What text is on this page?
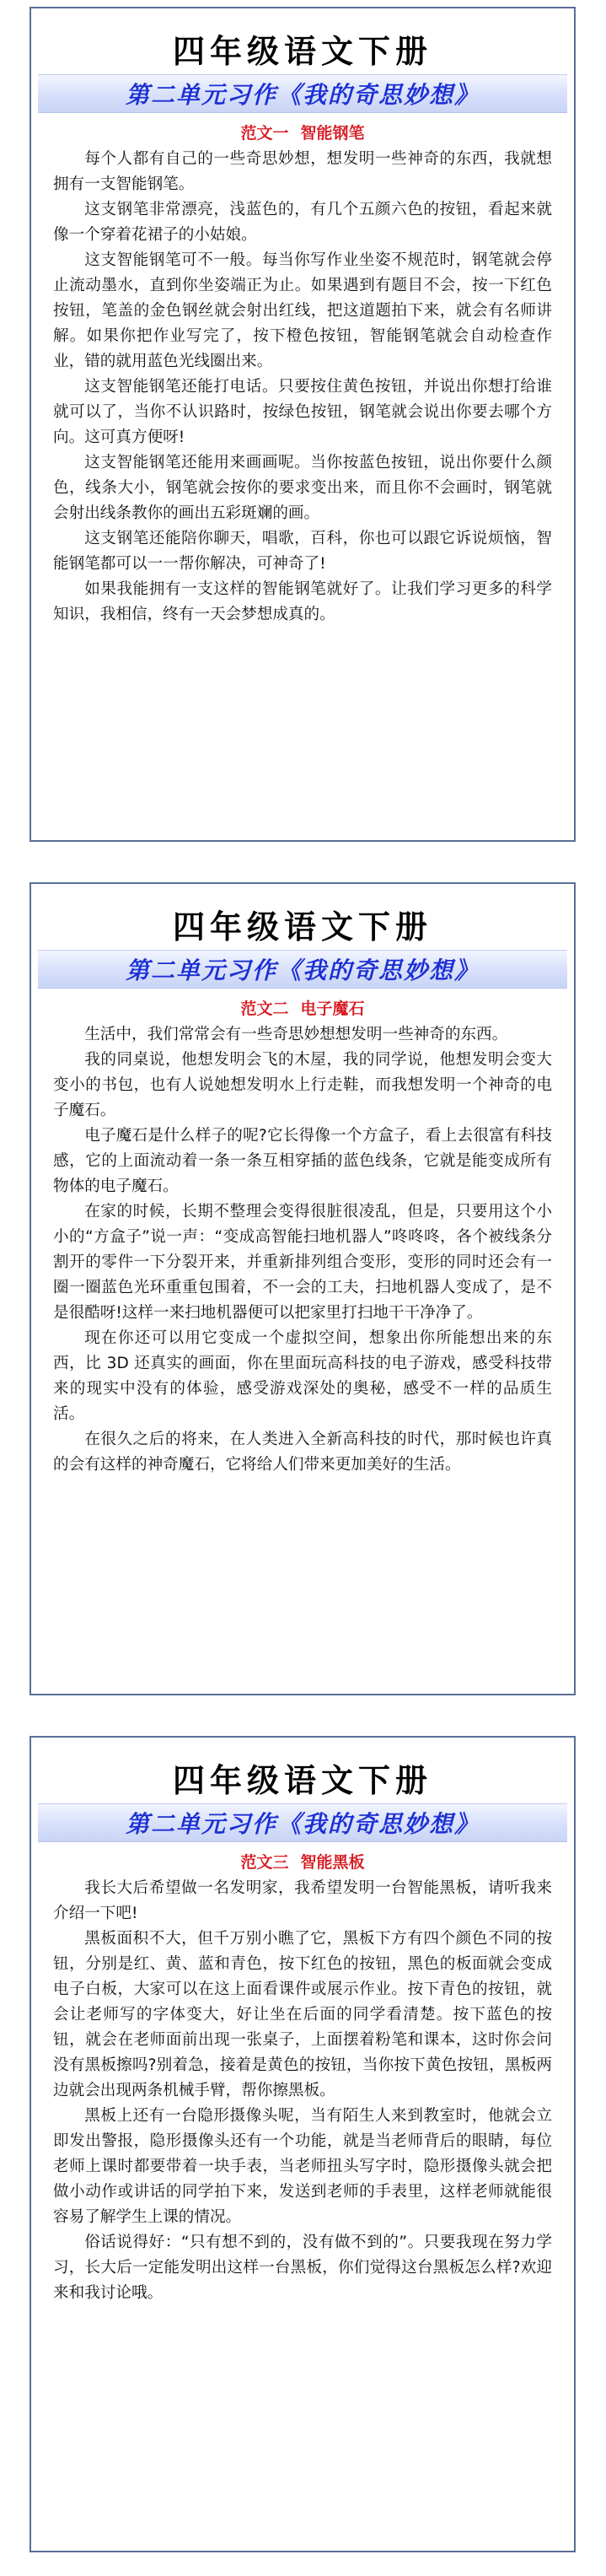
四年级语文下册
第二单元习作《我的奇思妙想》
范文一 智能钢笔

每个人都有自己的一些奇思妙想，想发明一些神奇的东西，我就想拥有一支智能钢笔。

这支钢笔非常漂亮，浅蓝色的，有几个五颜六色的按钮，看起来就像一个穿着花裙子的小姑娘。

这支智能钢笔可不一般。每当你写作业坐姿不规范时，钢笔就会停止流动墨水，直到你坐姿端正为止。如果遇到有题目不会，按一下红色按钮，笔盖的金色钢丝就会射出红线，把这道题拍下来，就会有名师讲解。如果你把作业写完了，按下橙色按钮，智能钢笔就会自动检查作业，错的就用蓝色光线圈出来。

这支智能钢笔还能打电话。只要按住黄色按钮，并说出你想打给谁就可以了，当你不认识路时，按绿色按钮，钢笔就会说出你要去哪个方向。这可真方便呀!

这支智能钢笔还能用来画画呢。当你按蓝色按钮，说出你要什么颜色，线条大小，钢笔就会按你的要求变出来，而且你不会画时，钢笔就会射出线条教你的画出五彩斑斓的画。

这支钢笔还能陪你聊天，唱歌，百科，你也可以跟它诉说烦恼，智能钢笔都可以一一帮你解决，可神奇了!

如果我能拥有一支这样的智能钢笔就好了。让我们学习更多的科学知识，我相信，终有一天会梦想成真的。

四年级语文下册
第二单元习作《我的奇思妙想》
范文二 电子魔石

生活中，我们常常会有一些奇思妙想想发明一些神奇的东西。

我的同桌说，他想发明会飞的木屋，我的同学说，他想发明会变大变小的书包，也有人说她想发明水上行走鞋，而我想发明一个神奇的电子魔石。

电子魔石是什么样子的呢?它长得像一个方盒子，看上去很富有科技感，它的上面流动着一条一条互相穿插的蓝色线条，它就是能变成所有物体的电子魔石。

在家的时候，长期不整理会变得很脏很凌乱，但是，只要用这个小小的“方盒子”说一声：“变成高智能扫地机器人”咚咚咚，各个被线条分割开的零件一下分裂开来，并重新排列组合变形，变形的同时还会有一圈一圈蓝色光环重重包围着，不一会的工夫，扫地机器人变成了，是不是很酷呀!这样一来扫地机器便可以把家里打扫地干干净净了。

现在你还可以用它变成一个虚拟空间，想象出你所能想出来的东西，比 3D 还真实的画面，你在里面玩高科技的电子游戏，感受科技带来的现实中没有的体验，感受游戏深处的奥秘，感受不一样的品质生活。

在很久之后的将来，在人类进入全新高科技的时代，那时候也许真的会有这样的神奇魔石，它将给人们带来更加美好的生活。

四年级语文下册
第二单元习作《我的奇思妙想》
范文三 智能黑板

我长大后希望做一名发明家，我希望发明一台智能黑板，请听我来介绍一下吧!

黑板面积不大，但千万别小瞧了它，黑板下方有四个颜色不同的按钮，分别是红、黄、蓝和青色，按下红色的按钮，黑色的板面就会变成电子白板，大家可以在这上面看课件或展示作业。按下青色的按钮，就会让老师写的字体变大，好让坐在后面的同学看清楚。按下蓝色的按钮，就会在老师面前出现一张桌子，上面摆着粉笔和课本，这时你会问没有黑板擦吗?别着急，接着是黄色的按钮，当你按下黄色按钮，黑板两边就会出现两条机械手臂，帮你擦黑板。

黑板上还有一台隐形摄像头呢，当有陌生人来到教室时，他就会立即发出警报，隐形摄像头还有一个功能，就是当老师背后的眼睛，每位老师上课时都要带着一块手表，当老师扭头写字时，隐形摄像头就会把做小动作或讲话的同学拍下来，发送到老师的手表里，这样老师就能很容易了解学生上课的情况。

俗话说得好：“只有想不到的，没有做不到的”。只要我现在努力学习，长大后一定能发明出这样一台黑板，你们觉得这台黑板怎么样?欢迎来和我讨论哦。
